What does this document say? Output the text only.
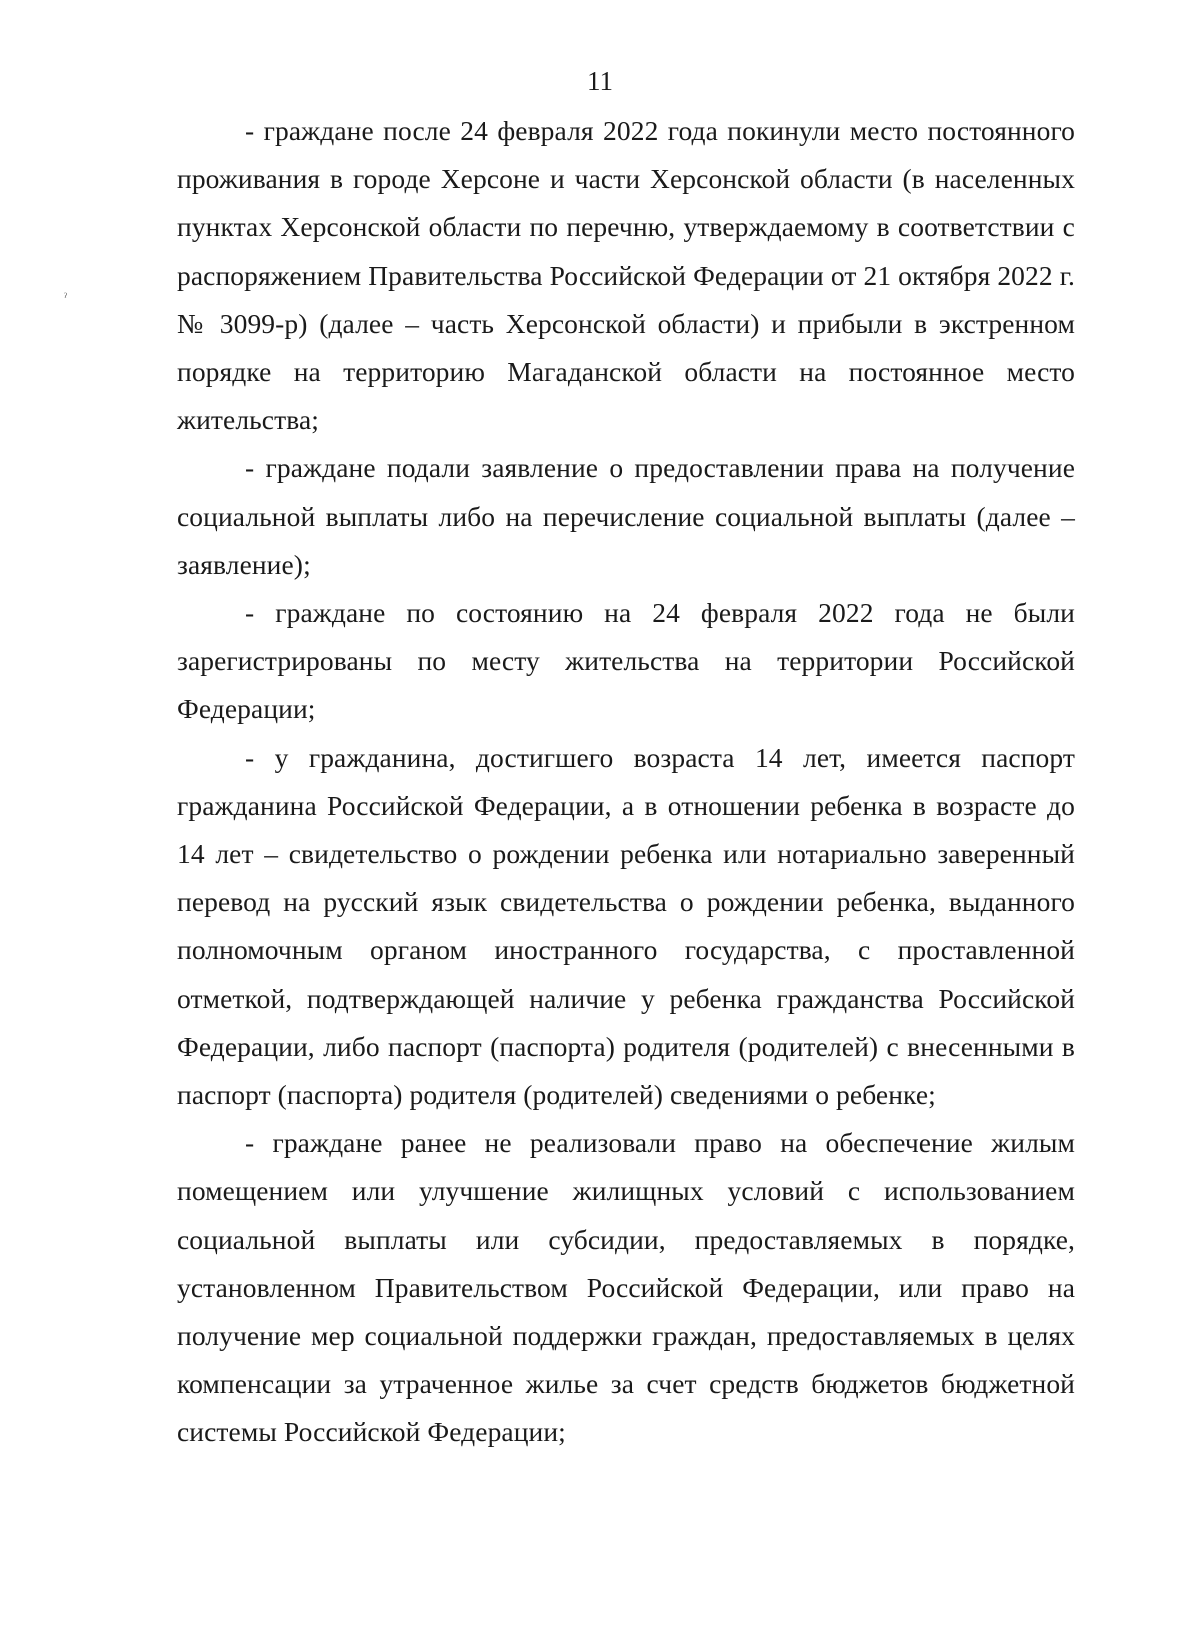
11
ˀ

- граждане после 24 февраля 2022 года покинули место постоянного проживания в городе Херсоне и части Херсонской области (в населенных пунктах Херсонской области по перечню, утверждаемому в соответствии с распоряжением Правительства Российской Федерации от 21 октября 2022 г. № 3099-р) (далее – часть Херсонской области) и прибыли в экстренном порядке на территорию Магаданской области на постоянное место жительства;

- граждане подали заявление о предоставлении права на получение социальной выплаты либо на перечисление социальной выплаты (далее – заявление);

- граждане по состоянию на 24 февраля 2022 года не были зарегистрированы по месту жительства на территории Российской Федерации;

- у гражданина, достигшего возраста 14 лет, имеется паспорт гражданина Российской Федерации, а в отношении ребенка в возрасте до 14 лет – свидетельство о рождении ребенка или нотариально заверенный перевод на русский язык свидетельства о рождении ребенка, выданного полномочным органом иностранного государства, с проставленной отметкой, подтверждающей наличие у ребенка гражданства Российской Федерации, либо паспорт (паспорта) родителя (родителей) с внесенными в паспорт (паспорта) родителя (родителей) сведениями о ребенке;

- граждане ранее не реализовали право на обеспечение жилым помещением или улучшение жилищных условий с использованием социальной выплаты или субсидии, предоставляемых в порядке, установленном Правительством Российской Федерации, или право на получение мер социальной поддержки граждан, предоставляемых в целях компенсации за утраченное жилье за счет средств бюджетов бюджетной системы Российской Федерации;
